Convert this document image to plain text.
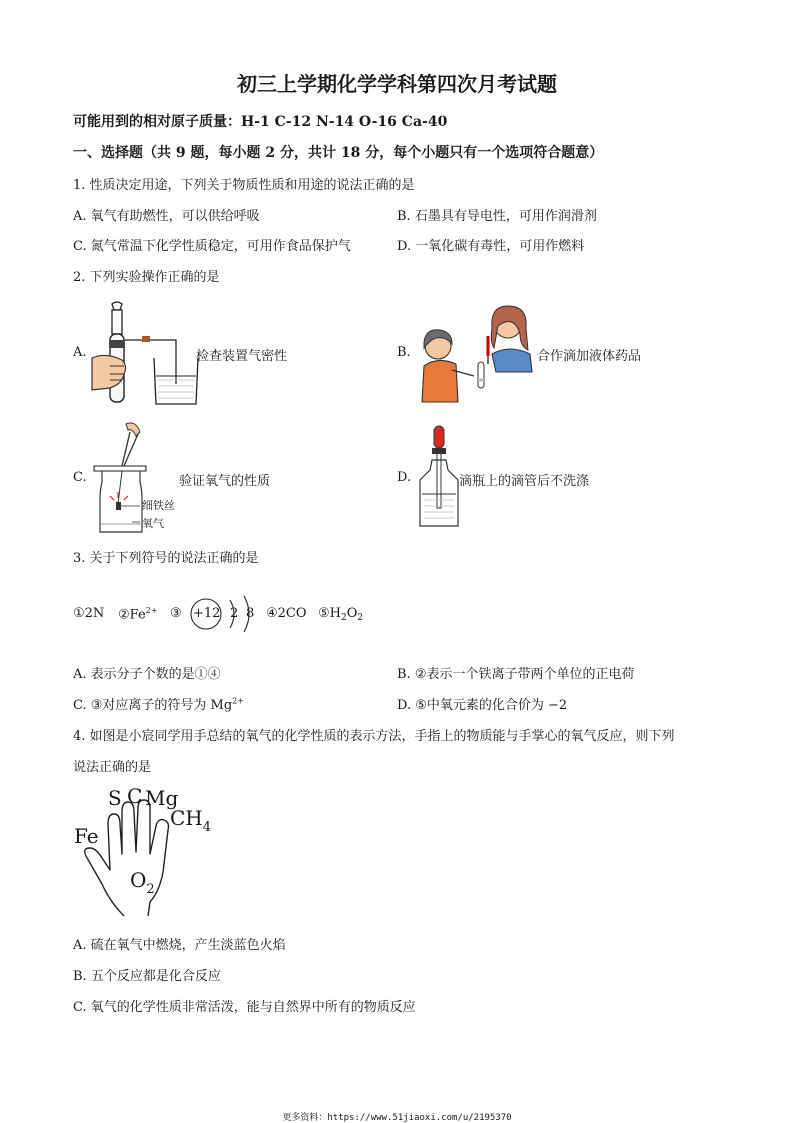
初三上学期化学学科第四次月考试题
可能用到的相对原子质量：H-1 C-12 N-14 O-16 Ca-40
一、选择题（共 9 题，每小题 2 分，共计 18 分，每个小题只有一个选项符合题意）
1. 性质决定用途，下列关于物质性质和用途的说法正确的是
A. 氧气有助燃性，可以供给呼吸	B. 石墨具有导电性，可用作润滑剂
C. 氮气常温下化学性质稳定，可用作食品保护气	D. 一氧化碳有毒性，可用作燃料
2. 下列实验操作正确的是
A.	检查装置气密性	B.	合作滴加液体药品
C.
细铁丝
氧气
验证氧气的性质	D.	滴瓶上的滴管后不洗涤
3. 关于下列符号的说法正确的是
①2N $②Fe^{2+}$ ③ +12 2 8 ④2CO $⑤H_2O_2$
A. 表示分子个数的是①④	B. ②表示一个铁离子带两个单位的正电荷
C. ③对应离子的符号为 $Mg^{2+}$	D. ⑤中氧元素的化合价为 −2
4. 如图是小宸同学用手总结的氧气的化学性质的表示方法，手指上的物质能与手掌心的氧气反应，则下列
说法正确的是
S C Mg
$CH_4$
Fe
$O_2$
A. 硫在氧气中燃烧，产生淡蓝色火焰
B. 五个反应都是化合反应
C. 氧气的化学性质非常活泼，能与自然界中所有的物质反应
更多资料：https://www.51jiaoxi.com/u/2195370
